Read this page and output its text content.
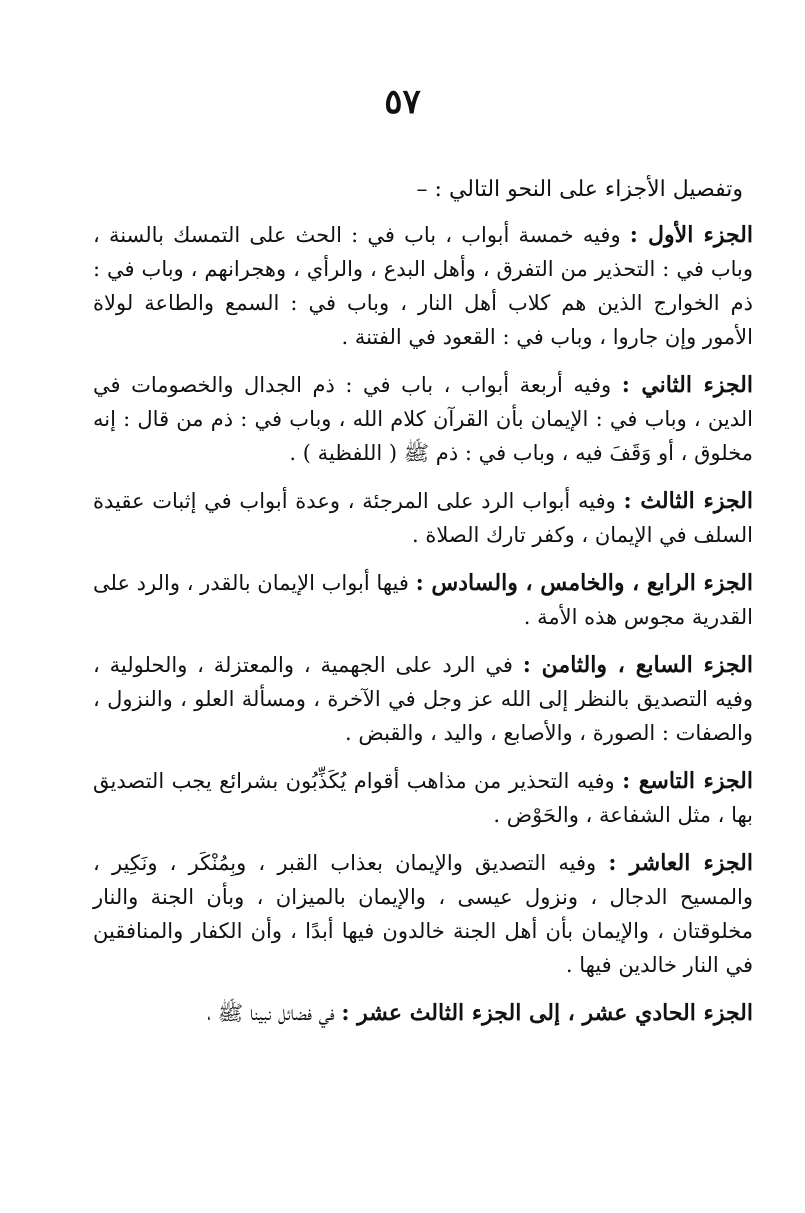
٥٧
وتفصيل الأجزاء على النحو التالي : –

الجزء الأول : وفيه خمسة أبواب ، باب في : الحث على التمسك بالسنة ، وباب في : التحذير من التفرق ، وأهل البدع ، والرأي ، وهجرانهم ، وباب في : ذم الخوارج الذين هم كلاب أهل النار ، وباب في : السمع والطاعة لولاة الأمور وإن جاروا ، وباب في : القعود في الفتنة .

الجزء الثاني : وفيه أربعة أبواب ، باب في : ذم الجدال والخصومات في الدين ، وباب في : الإيمان بأن القرآن كلام الله ، وباب في : ذم من قال : إنه مخلوق ، أو وَقَفَ فيه ، وباب في : ذم ﷺ ( اللفظية ) .

الجزء الثالث : وفيه أبواب الرد على المرجئة ، وعدة أبواب في إثبات عقيدة السلف في الإيمان ، وكفر تارك الصلاة .

الجزء الرابع ، والخامس ، والسادس : فيها أبواب الإيمان بالقدر ، والرد على القدرية مجوس هذه الأمة .

الجزء السابع ، والثامن : في الرد على الجهمية ، والمعتزلة ، والحلولية ، وفيه التصديق بالنظر إلى الله عز وجل في الآخرة ، ومسألة العلو ، والنزول ، والصفات : الصورة ، والأصابع ، واليد ، والقبض .

الجزء التاسع : وفيه التحذير من مذاهب أقوام يُكَذِّبُون بشرائع يجب التصديق بها ، مثل الشفاعة ، والحَوْض .

الجزء العاشر : وفيه التصديق والإيمان بعذاب القبر ، وبِمُنْكَر ، ونَكِير ، والمسيح الدجال ، ونزول عيسى ، والإيمان بالميزان ، وبأن الجنة والنار مخلوقتان ، والإيمان بأن أهل الجنة خالدون فيها أبدًا ، وأن الكفار والمنافقين في النار خالدين فيها .

الجزء الحادي عشر ، إلى الجزء الثالث عشر : في فضائل نبينا ﷺ ،
